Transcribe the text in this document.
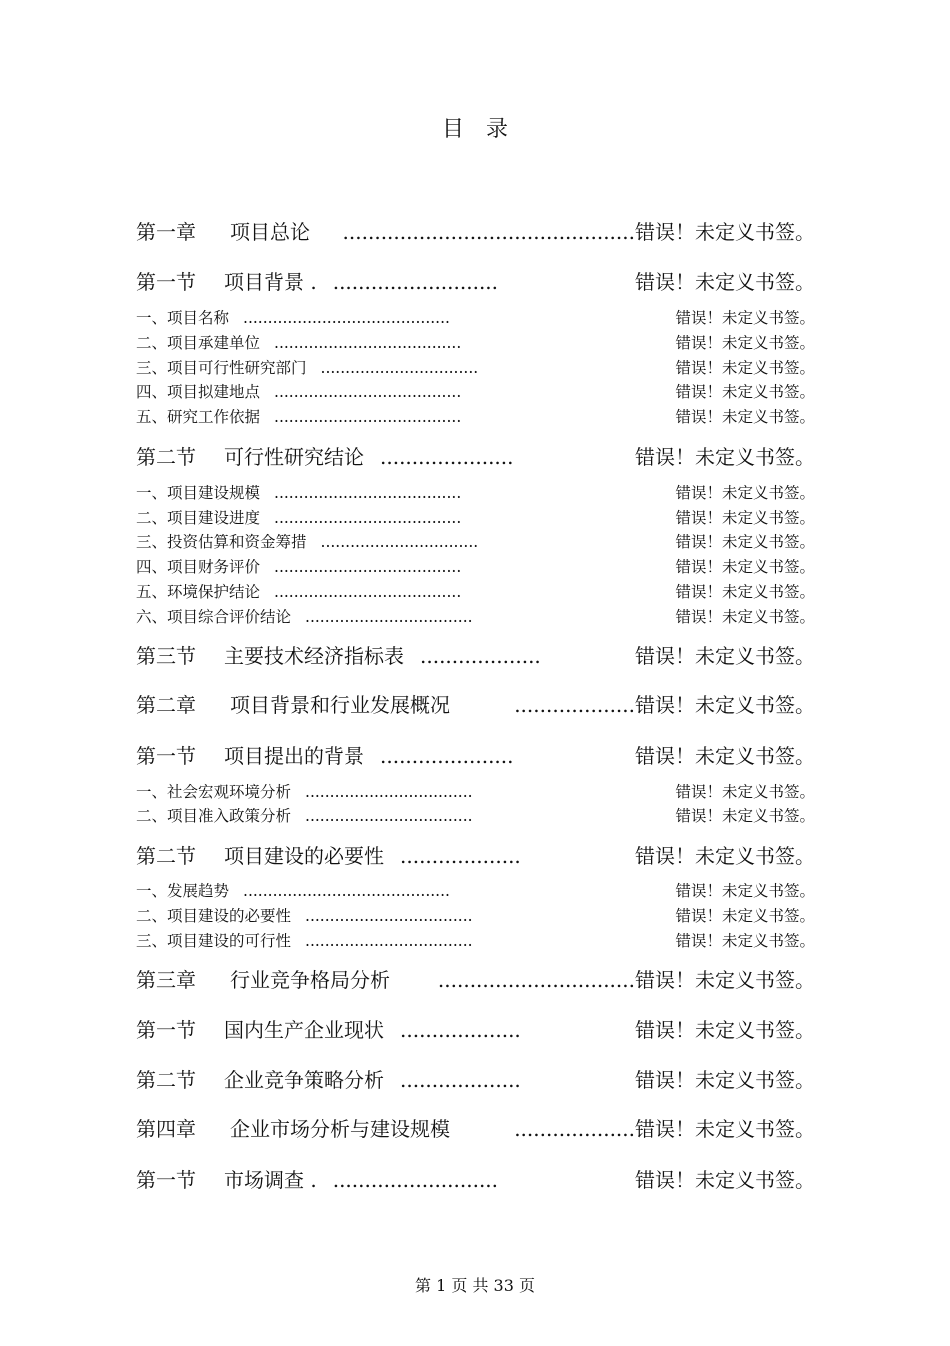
目　录
第一章	项目总论	.............................................. 错误！未定义书签。
第一节	项目背景 . ..........................	错误！未定义书签。
一、 项目名称 ..........................................	错误！未定义书签。
二、 项目承建单位 ......................................	错误！未定义书签。
三、 项目可行性研究部门 ................................	错误！未定义书签。
四、 项目拟建地点 ......................................	错误！未定义书签。
五、 研究工作依据 ......................................	错误！未定义书签。
第二节	可行性研究结论 .....................	错误！未定义书签。
一、 项目建设规模 ......................................	错误！未定义书签。
二、 项目建设进度 ......................................	错误！未定义书签。
三、 投资估算和资金筹措 ................................	错误！未定义书签。
四、 项目财务评价 ......................................	错误！未定义书签。
五、 环境保护结论 ......................................	错误！未定义书签。
六、 项目综合评价结论 ..................................	错误！未定义书签。
第三节	主要技术经济指标表 ...................	错误！未定义书签。
第二章	项目背景和行业发展概况	................... 错误！未定义书签。
第一节	项目提出的背景 .....................	错误！未定义书签。
一、 社会宏观环境分析 ..................................	错误！未定义书签。
二、 项目准入政策分析 ..................................	错误！未定义书签。
第二节	项目建设的必要性 ...................	错误！未定义书签。
一、 发展趋势 ..........................................	错误！未定义书签。
二、 项目建设的必要性 ..................................	错误！未定义书签。
三、 项目建设的可行性 ..................................	错误！未定义书签。
第三章	行业竞争格局分析	............................... 错误！未定义书签。
第一节	国内生产企业现状 ...................	错误！未定义书签。
第二节	企业竞争策略分析 ...................	错误！未定义书签。
第四章	企业市场分析与建设规模	................... 错误！未定义书签。
第一节	市场调查 . ..........................	错误！未定义书签。
第 1 页 共 33 页
